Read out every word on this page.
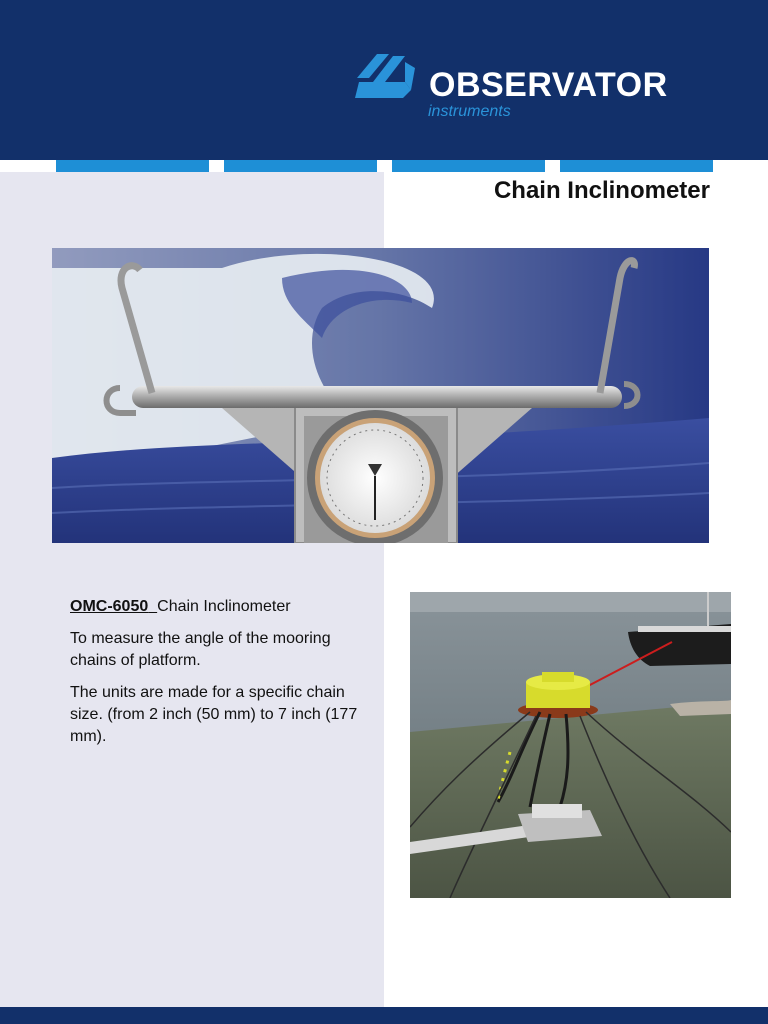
OBSERVATOR
instruments
Chain Inclinometer

OMC-6050 Chain Inclinometer

To measure the angle of the mooring chains of platform.

The units are made for a specific chain size. (from 2 inch (50 mm) to 7 inch (177 mm).
